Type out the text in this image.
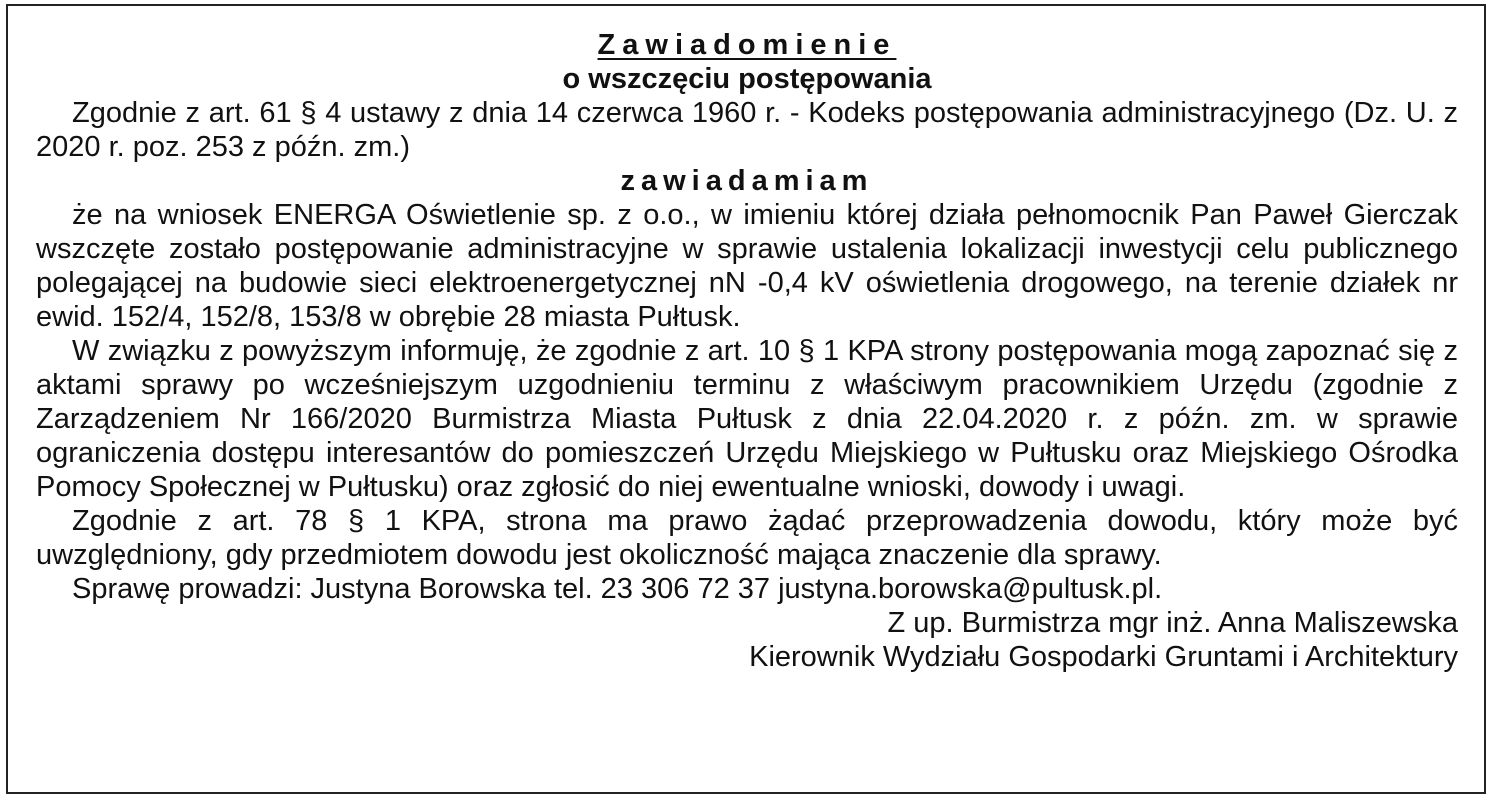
Zawiadomienie
o wszczęciu postępowania

Zgodnie z art. 61 § 4 ustawy z dnia 14 czerwca 1960 r. - Kodeks postępowania administracyjnego (Dz. U. z 2020 r. poz. 253 z późn. zm.)

zawiadamiam

że na wniosek ENERGA Oświetlenie sp. z o.o., w imieniu której działa pełnomocnik Pan Paweł Gierczak wszczęte zostało postępowanie administracyjne w sprawie ustalenia lokalizacji inwestycji celu publicznego polegającej na budowie sieci elektroenergetycznej nN -0,4 kV oświetlenia drogowego, na terenie działek nr ewid. 152/4, 152/8, 153/8 w obrębie 28 miasta Pułtusk.

W związku z powyższym informuję, że zgodnie z art. 10 § 1 KPA strony postępowania mogą zapoznać się z aktami sprawy po wcześniejszym uzgodnieniu terminu z właściwym pracownikiem Urzędu (zgodnie z Zarządzeniem Nr 166/2020 Burmistrza Miasta Pułtusk z dnia 22.04.2020 r. z późn. zm. w sprawie ograniczenia dostępu interesantów do pomieszczeń Urzędu Miejskiego w Pułtusku oraz Miejskiego Ośrodka Pomocy Społecznej w Pułtusku) oraz zgłosić do niej ewentualne wnioski, dowody i uwagi.

Zgodnie z art. 78 § 1 KPA, strona ma prawo żądać przeprowadzenia dowodu, który może być uwzględniony, gdy przedmiotem dowodu jest okoliczność mająca znaczenie dla sprawy.

Sprawę prowadzi: Justyna Borowska tel. 23 306 72 37 justyna.borowska@pultusk.pl.

Z up. Burmistrza mgr inż. Anna Maliszewska
Kierownik Wydziału Gospodarki Gruntami i Architektury
